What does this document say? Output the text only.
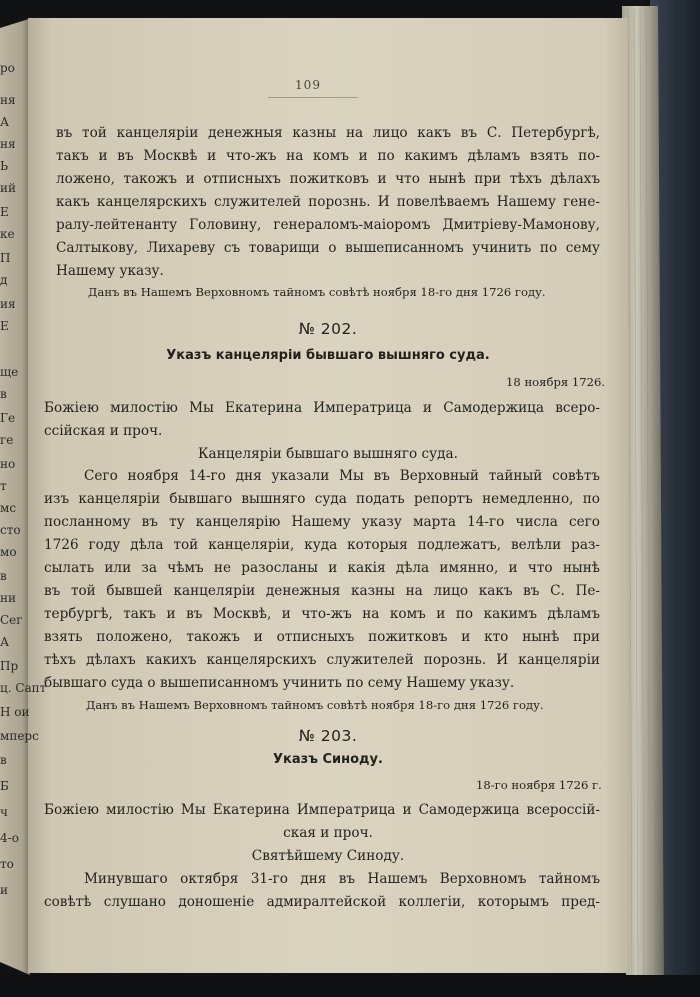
ро
ня
А
ня
Ь
ий
Е
ке
П
д
ия
Е
ще
в
Ге
ге
но
т
мс
сто
мо
в
ни
Сег
А
Пр
ц. Сапт
Н ои
мперс
в
Б
ч
4-о
то
и
109
въ той канцеляріи денежныя казны на лицо какъ въ С. Петербургѣ,
такъ и въ Москвѣ и что-жъ на комъ и по какимъ дѣламъ взять по-
ложено, такожъ и отписныхъ пожитковъ и что нынѣ при тѣхъ дѣлахъ
какъ канцелярскихъ служителей порознь. И повелѣваемъ Нашему гене-
ралу-лейтенанту Головину, генераломъ-маіоромъ Дмитріеву-Мамонову,
Салтыкову, Лихареву съ товарищи о вышеписанномъ учинить по сему
Нашему указу.
Данъ въ Нашемъ Верховномъ тайномъ совѣтѣ ноября 18-го дня 1726 году.
№ 202.
Указъ канцеляріи бывшаго вышняго суда.
18 ноября 1726.
Божіею милостію Мы Екатерина Императрица и Самодержица всеро-
ссійская и проч.
Канцеляріи бывшаго вышняго суда.
Сего ноября 14-го дня указали Мы въ Верховный тайный совѣтъ
изъ канцеляріи бывшаго вышняго суда подать репортъ немедленно, по
посланному въ ту канцелярію Нашему указу марта 14-го числа сего
1726 году дѣла той канцеляріи, куда которыя подлежатъ, велѣли раз-
сылать или за чѣмъ не разосланы и какія дѣла имянно, и что нынѣ
въ той бывшей канцеляріи денежныя казны на лицо какъ въ С. Пе-
тербургѣ, такъ и въ Москвѣ, и что-жъ на комъ и по какимъ дѣламъ
взять положено, такожъ и отписныхъ пожитковъ и кто нынѣ при
тѣхъ дѣлахъ какихъ канцелярскихъ служителей порознь. И канцеляріи
бывшаго суда о вышеписанномъ учинить по сему Нашему указу.
Данъ въ Нашемъ Верховномъ тайномъ совѣтѣ ноября 18-го дня 1726 году.
№ 203.
Указъ Синоду.
18-го ноября 1726 г.
Божіею милостію Мы Екатерина Императрица и Самодержица всероссій-
ская и проч.
Святѣйшему Синоду.
Минувшаго октября 31-го дня въ Нашемъ Верховномъ тайномъ
совѣтѣ слушано доношеніе адмиралтейской коллегіи, которымъ пред-
